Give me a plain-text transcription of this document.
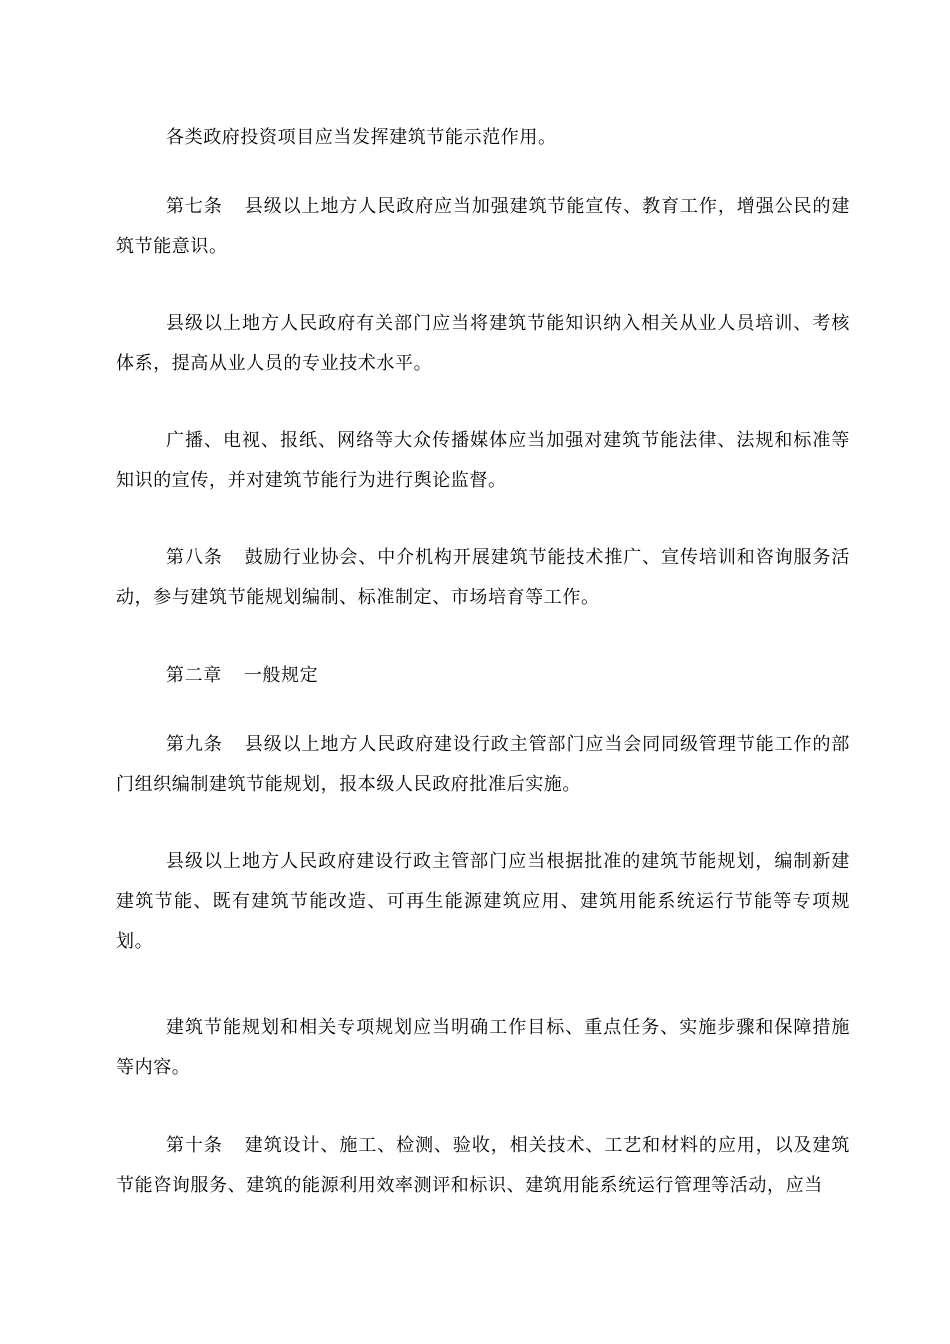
各类政府投资项目应当发挥建筑节能示范作用。

第七条 县级以上地方人民政府应当加强建筑节能宣传、教育工作，增强公民的建筑节能意识。

县级以上地方人民政府有关部门应当将建筑节能知识纳入相关从业人员培训、考核体系，提高从业人员的专业技术水平。

广播、电视、报纸、网络等大众传播媒体应当加强对建筑节能法律、法规和标准等知识的宣传，并对建筑节能行为进行舆论监督。

第八条 鼓励行业协会、中介机构开展建筑节能技术推广、宣传培训和咨询服务活动，参与建筑节能规划编制、标准制定、市场培育等工作。

第二章 一般规定

第九条 县级以上地方人民政府建设行政主管部门应当会同同级管理节能工作的部门组织编制建筑节能规划，报本级人民政府批准后实施。

县级以上地方人民政府建设行政主管部门应当根据批准的建筑节能规划，编制新建建筑节能、既有建筑节能改造、可再生能源建筑应用、建筑用能系统运行节能等专项规划。

建筑节能规划和相关专项规划应当明确工作目标、重点任务、实施步骤和保障措施等内容。

第十条 建筑设计、施工、检测、验收，相关技术、工艺和材料的应用，以及建筑节能咨询服务、建筑的能源利用效率测评和标识、建筑用能系统运行管理等活动，应当
